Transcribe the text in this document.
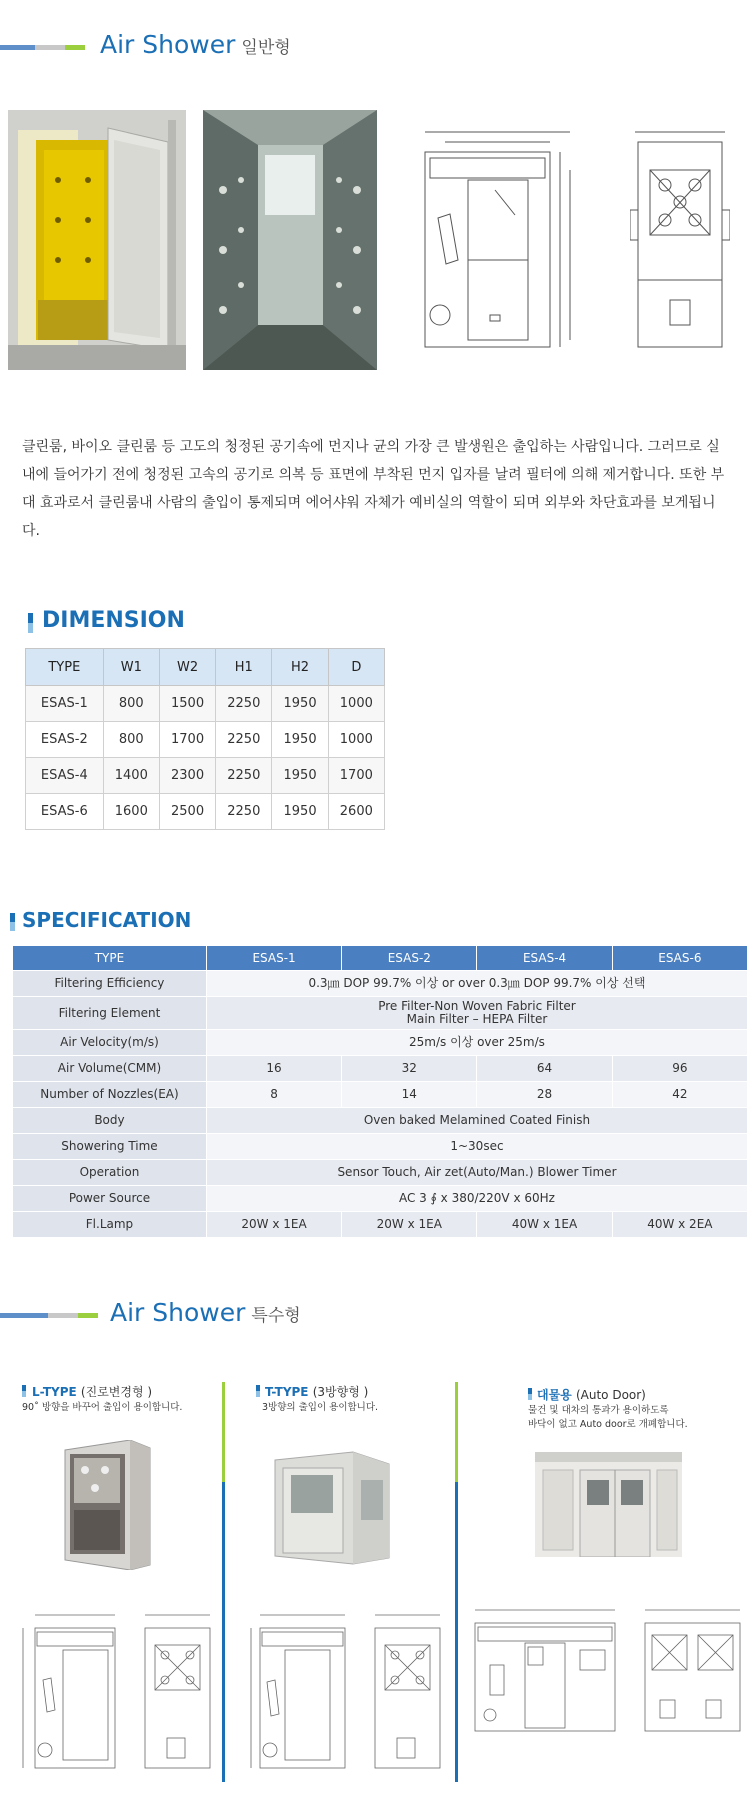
Air Shower 일반형
클린룸, 바이오 클린룸 등 고도의 청정된 공기속에 먼지나 균의 가장 큰 발생원은 출입하는 사람입니다. 그러므로 실내에 들어가기 전에 청정된 고속의 공기로 의복 등 표면에 부착된 먼지 입자를 날려 필터에 의해 제거합니다. 또한 부대 효과로서 클린룸내 사람의 출입이 통제되며 에어샤워 자체가 예비실의 역할이 되며 외부와 차단효과를 보게됩니다.
DIMENSION
TYPE	W1	W2	H1	H2	D
ESAS-1	800	1500	2250	1950	1000
ESAS-2	800	1700	2250	1950	1000
ESAS-4	1400	2300	2250	1950	1700
ESAS-6	1600	2500	2250	1950	2600
SPECIFICATION
TYPE	ESAS-1	ESAS-2	ESAS-4	ESAS-6
Filtering Efficiency	0.3㎛ DOP 99.7% 이상 or over 0.3㎛ DOP 99.7% 이상 선택			
Filtering Element	Pre Filter-Non Woven Fabric Filter
Main Filter – HEPA Filter			
Air Velocity(m/s)	25m/s 이상 over 25m/s			
Air Volume(CMM)	16	32	64	96
Number of Nozzles(EA)	8	14	28	42
Body	Oven baked Melamined Coated Finish			
Showering Time	1~30sec			
Operation	Sensor Touch, Air zet(Auto/Man.) Blower Timer			
Power Source	AC 3 ∮ x 380/220V x 60Hz			
Fl.Lamp	20W x 1EA	20W x 1EA	40W x 1EA	40W x 2EA
Air Shower 특수형
L-TYPE (진로변경형 )
90˚ 방향을 바꾸어 출입이 용이합니다.
T-TYPE (3방향형 )
3방향의 출입이 용이합니다.
대물용 (Auto Door)
물건 및 대차의 통과가 용이하도록
바닥이 없고 Auto door로 개폐합니다.
